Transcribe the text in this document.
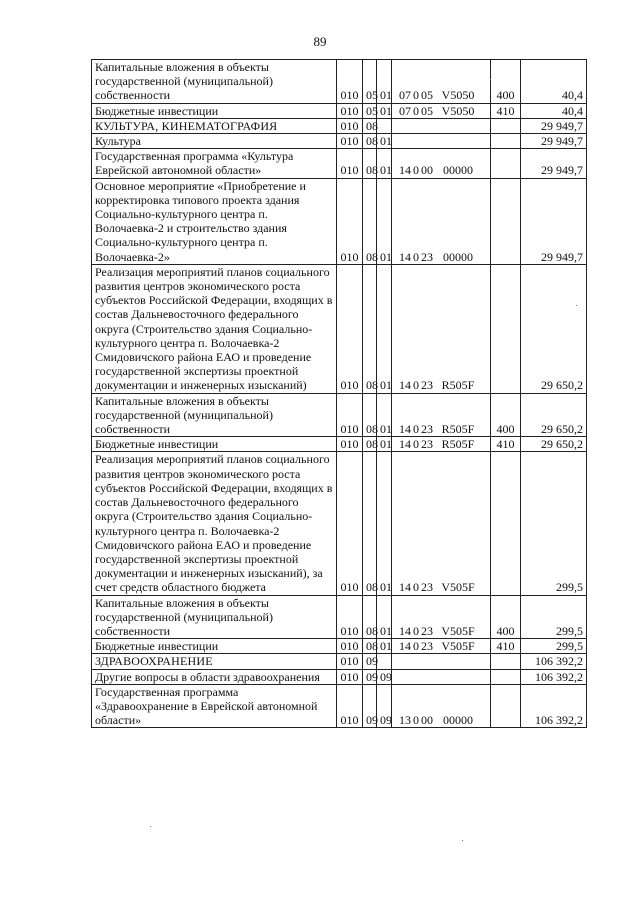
89
Капитальные вложения в объекты государственной (муниципальной) собственности	010	05	01	07 0 05 V5050	400	40,4
Бюджетные инвестиции	010	05	01	07 0 05 V5050	410	40,4
КУЛЬТУРА, КИНЕМАТОГРАФИЯ	010	08				29 949,7
Культура	010	08	01			29 949,7
Государственная программа «Культура Еврейской автономной области»	010	08	01	14 0 00 00000		29 949,7
Основное мероприятие «Приобретение и корректировка типового проекта здания Социально-культурного центра п. Волочаевка-2 и строительство здания Социально-культурного центра п. Волочаевка-2»	010	08	01	14 0 23 00000		29 949,7
Реализация мероприятий планов социального развития центров экономического роста субъектов Российской Федерации, входящих в состав Дальневосточного федерального округа (Строительство здания Социально-культурного центра п. Волочаевка-2 Смидовичского района ЕАО и проведение государственной экспертизы проектной документации и инженерных изысканий)	010	08	01	14 0 23 R505F		29 650,2
Капитальные вложения в объекты государственной (муниципальной) собственности	010	08	01	14 0 23 R505F	400	29 650,2
Бюджетные инвестиции	010	08	01	14 0 23 R505F	410	29 650,2
Реализация мероприятий планов социального развития центров экономического роста субъектов Российской Федерации, входящих в состав Дальневосточного федерального округа (Строительство здания Социально-культурного центра п. Волочаевка-2 Смидовичского района ЕАО и проведение государственной экспертизы проектной документации и инженерных изысканий), за счет средств областного бюджета	010	08	01	14 0 23 V505F		299,5
Капитальные вложения в объекты государственной (муниципальной) собственности	010	08	01	14 0 23 V505F	400	299,5
Бюджетные инвестиции	010	08	01	14 0 23 V505F	410	299,5
ЗДРАВООХРАНЕНИЕ	010	09				106 392,2
Другие вопросы в области здравоохранения	010	09	09			106 392,2
Государственная программа «Здравоохранение в Еврейской автономной области»	010	09	09	13 0 00 00000		106 392,2
